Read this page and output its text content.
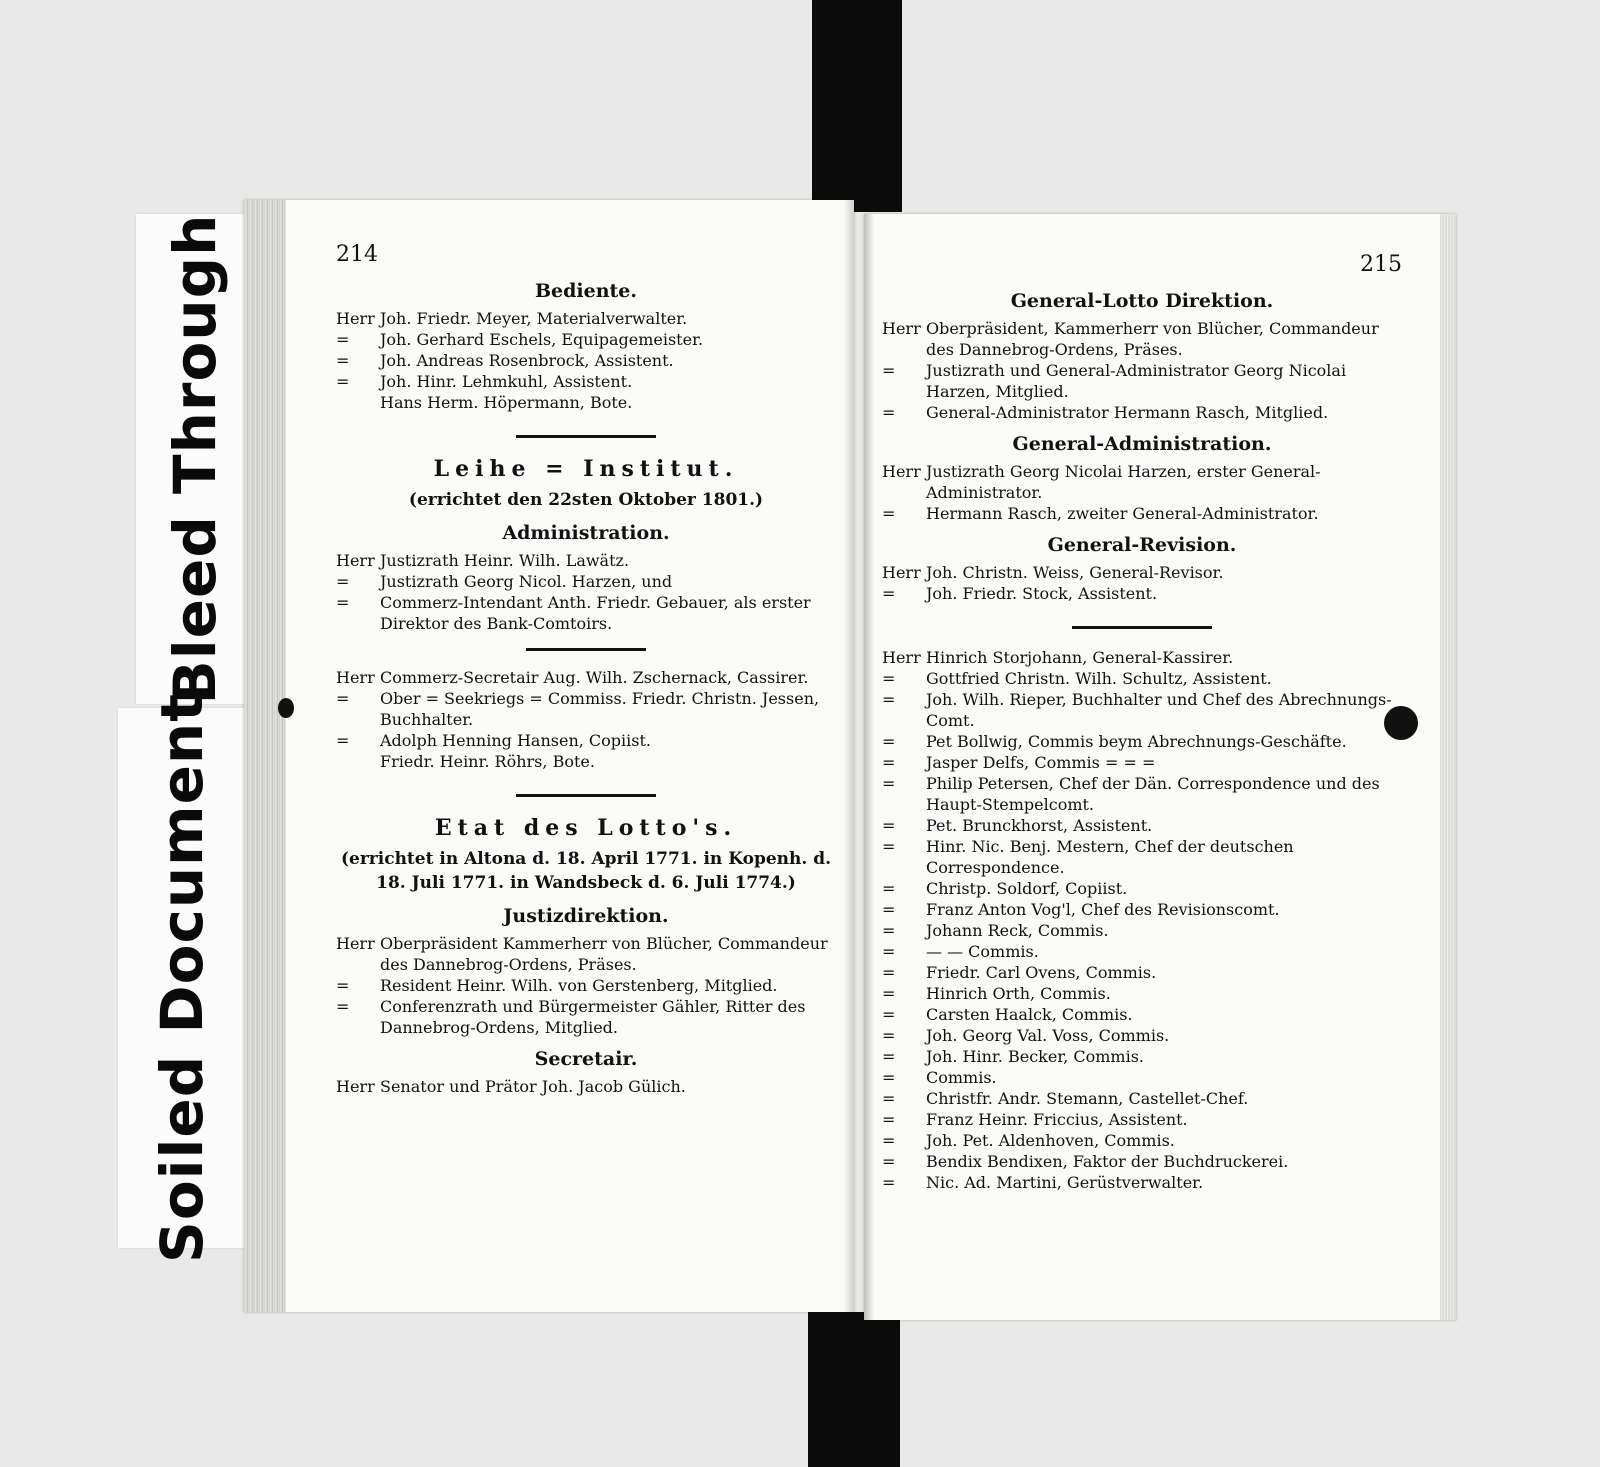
Bleed Through
Soiled Document
214
Bediente.
Herr Joh. Friedr. Meyer, Materialverwalter.
= Joh. Gerhard Eschels, Equipagemeister.
= Joh. Andreas Rosenbrock, Assistent.
= Joh. Hinr. Lehmkuhl, Assistent.
Hans Herm. Höpermann, Bote.
Leihe = Institut.
(errichtet den 22sten Oktober 1801.)
Administration.
Herr Justizrath Heinr. Wilh. Lawätz.
= Justizrath Georg Nicol. Harzen, und
= Commerz-Intendant Anth. Friedr. Gebauer, als erster Direktor des Bank-Comtoirs.
Herr Commerz-Secretair Aug. Wilh. Zschernack, Cassirer.
= Ober = Seekriegs = Commiss. Friedr. Christn. Jessen, Buchhalter.
= Adolph Henning Hansen, Copiist.
Friedr. Heinr. Röhrs, Bote.
Etat des Lotto's.
(errichtet in Altona d. 18. April 1771. in Kopenh. d. 18. Juli 1771. in Wandsbeck d. 6. Juli 1774.)
Justizdirektion.
Herr Oberpräsident Kammerherr von Blücher, Commandeur des Dannebrog-Ordens, Präses.
= Resident Heinr. Wilh. von Gerstenberg, Mitglied.
= Conferenzrath und Bürgermeister Gähler, Ritter des Dannebrog-Ordens, Mitglied.
Secretair.
Herr Senator und Prätor Joh. Jacob Gülich.
215
General-Lotto Direktion.
Herr Oberpräsident, Kammerherr von Blücher, Commandeur des Dannebrog-Ordens, Präses.
= Justizrath und General-Administrator Georg Nicolai Harzen, Mitglied.
= General-Administrator Hermann Rasch, Mitglied.
General-Administration.
Herr Justizrath Georg Nicolai Harzen, erster General-Administrator.
= Hermann Rasch, zweiter General-Administrator.
General-Revision.
Herr Joh. Christn. Weiss, General-Revisor.
= Joh. Friedr. Stock, Assistent.
Herr Hinrich Storjohann, General-Kassirer.
= Gottfried Christn. Wilh. Schultz, Assistent.
= Joh. Wilh. Rieper, Buchhalter und Chef des Abrechnungs-Comt.
= Pet Bollwig, Commis beym Abrechnungs-Geschäfte.
= Jasper Delfs, Commis = = =
= Philip Petersen, Chef der Dän. Correspondence und des Haupt-Stempelcomt.
= Pet. Brunckhorst, Assistent.
= Hinr. Nic. Benj. Mestern, Chef der deutschen Correspondence.
= Christp. Soldorf, Copiist.
= Franz Anton Vog'l, Chef des Revisionscomt.
= Johann Reck, Commis.
= — — Commis.
= Friedr. Carl Ovens, Commis.
= Hinrich Orth, Commis.
= Carsten Haalck, Commis.
= Joh. Georg Val. Voss, Commis.
= Joh. Hinr. Becker, Commis.
= Commis.
= Christfr. Andr. Stemann, Castellet-Chef.
= Franz Heinr. Friccius, Assistent.
= Joh. Pet. Aldenhoven, Commis.
= Bendix Bendixen, Faktor der Buchdruckerei.
= Nic. Ad. Martini, Gerüstverwalter.
